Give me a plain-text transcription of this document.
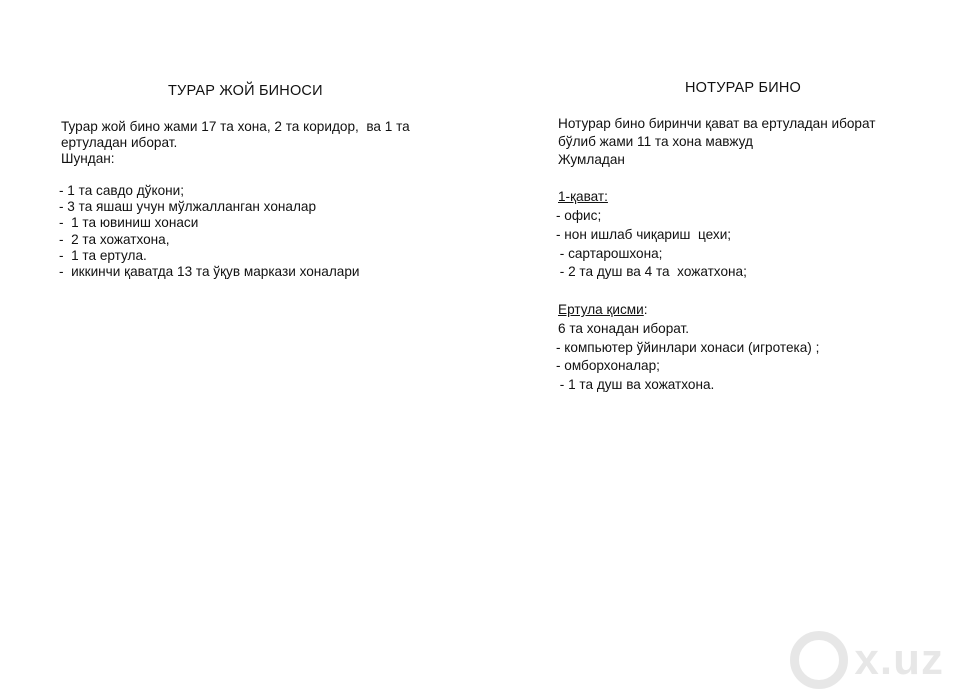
ТУРАР ЖОЙ БИНОСИ
Турар жой бино жами 17 та хона, 2 та коридор,  ва 1 та
ертуладан иборат.
Шундан:
- 1 та савдо дўкони;
- 3 та яшаш учун мўлжалланган хоналар
-  1 та ювиниш хонаси
-  2 та хожатхона,
-  1 та ертула.
-  иккинчи қаватда 13 та ўқув маркази хоналари
НОТУРАР БИНО
Нотурар бино биринчи қават ва ертуладан иборат
бўлиб жами 11 та хона мавжуд
Жумладан
1-қават:
- офис;
- нон ишлаб чиқариш  цехи;
- сартарошхона;
- 2 та душ ва 4 та  хожатхона;
Ертула қисми:
6 та хонадан иборат.
- компьютер ўйинлари хонаси (игротека) ;
- омборхоналар;
- 1 та душ ва хожатхона.
x.uz
